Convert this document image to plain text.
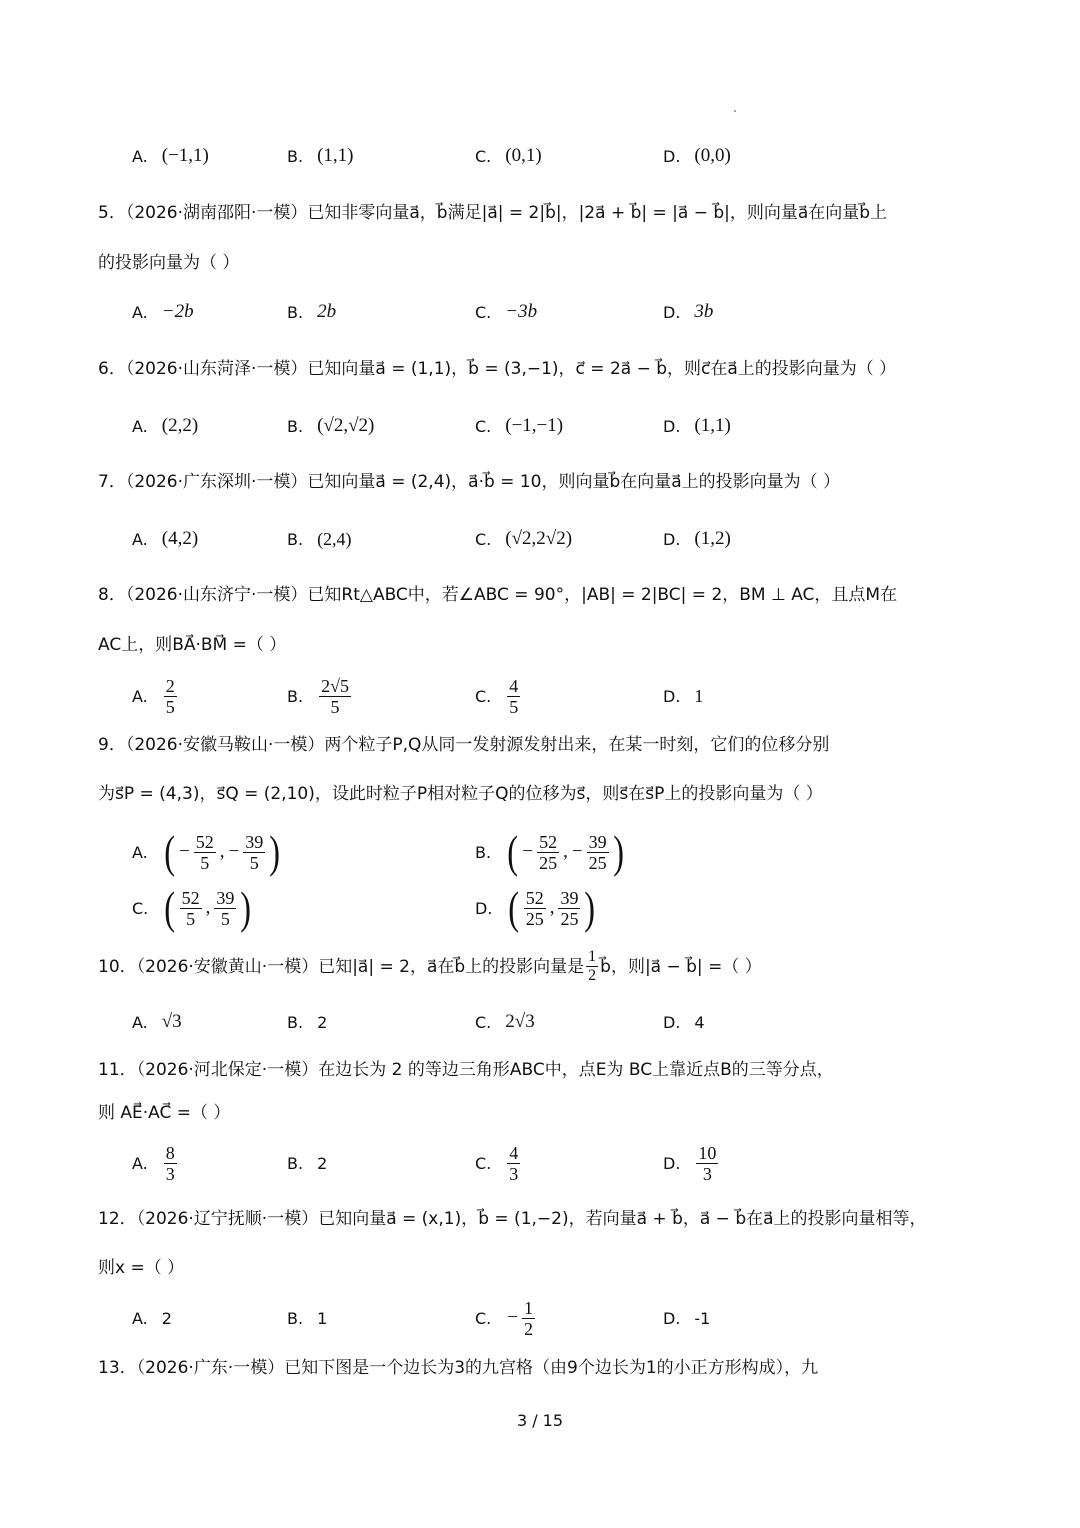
A. (−1,1)	B. (1,1)	C. (0,1)	D. (0,0)
5．（2026·湖南邵阳·一模）已知非零向量a⃗，b⃗满足|a⃗| = 2|b⃗|，|2a⃗ + b⃗| = |a⃗ − b⃗|，则向量a⃗在向量b⃗上
的投影向量为（ ）
A. −2b⃗	B. 2b⃗	C. −3b⃗	D. 3b⃗
6．（2026·山东菏泽·一模）已知向量a⃗ = (1,1)，b⃗ = (3,−1)，c⃗ = 2a⃗ − b⃗，则c⃗在a⃗上的投影向量为（ ）
A. (2,2)	B. (√2,√2)	C. (−1,−1)	D. (1,1)
7．（2026·广东深圳·一模）已知向量a⃗ = (2,4)，a⃗·b⃗ = 10，则向量b⃗在向量a⃗上的投影向量为（ ）
A. (4,2)	B. (2,4)	C. (√2,2√2)	D. (1,2)
8．（2026·山东济宁·一模）已知Rt△ABC中，若∠ABC = 90°，|AB| = 2|BC| = 2，BM ⊥ AC，且点M在
AC上，则BA⃗·BM⃗ =（ ）
A. $\frac{2}{5}$	B. $\frac{2√5}{5}$	C. $\frac{4}{5}$	D. 1
9．（2026·安徽马鞍山·一模）两个粒子P,Q从同一发射源发射出来，在某一时刻，它们的位移分别
为s⃗P = (4,3)，s⃗Q = (2,10)，设此时粒子P相对粒子Q的位移为s⃗，则s⃗在s⃗P上的投影向量为（ ）
A. ( − $\frac{52}{5}$ , − $\frac{39}{5}$ )	B. ( − $\frac{52}{25}$ , − $\frac{39}{25}$ )
C. ( $\frac{52}{5}$ , $\frac{39}{5}$ )	D. ( $\frac{52}{25}$ , $\frac{39}{25}$ )
10．（2026·安徽黄山·一模）已知|a⃗| = 2，a⃗在b⃗上的投影向量是 $\frac{1}{2}$ b⃗，则|a⃗ − b⃗| =（ ）
A. √3	B. 2	C. 2√3	D. 4
11．（2026·河北保定·一模）在边长为 2 的等边三角形ABC中，点E为 BC上靠近点B的三等分点，
则 AE⃗·AC⃗ =（ ）
A. $\frac{8}{3}$	B. 2	C. $\frac{4}{3}$	D. $\frac{10}{3}$
12．（2026·辽宁抚顺·一模）已知向量a⃗ = (x,1)，b⃗ = (1,−2)，若向量a⃗ + b⃗，a⃗ − b⃗在a⃗上的投影向量相等，
则x =（ ）
A. 2	B. 1	C. − $\frac{1}{2}$	D. -1
13．（2026·广东·一模）已知下图是一个边长为3的九宫格（由9个边长为1的小正方形构成），九
3 / 15
